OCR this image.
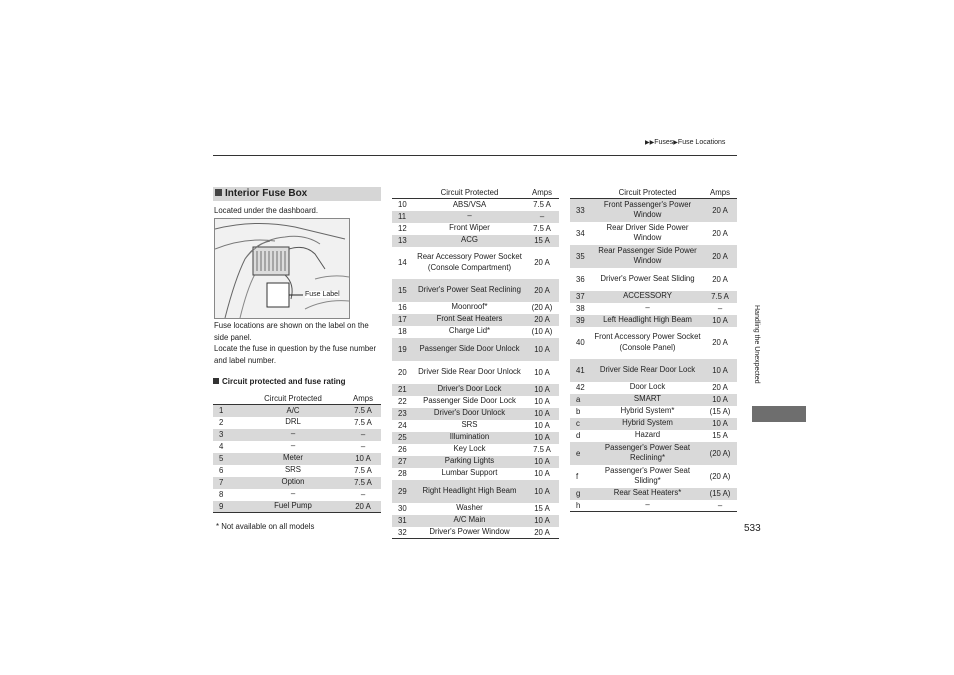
▶▶Fuses▶Fuse Locations
Handling the Unexpected
Interior Fuse Box
Located under the dashboard.
Fuse Label
Fuse locations are shown on the label on the side panel.
Locate the fuse in question by the fuse number and label number.
Circuit protected and fuse rating
	Circuit Protected	Amps
1	A/C	7.5 A
2	DRL	7.5 A
3	–	–
4	–	–
5	Meter	10 A
6	SRS	7.5 A
7	Option	7.5 A
8	–	–
9	Fuel Pump	20 A
	Circuit Protected	Amps
10	ABS/VSA	7.5 A
11	–	–
12	Front Wiper	7.5 A
13	ACG	15 A
14	Rear Accessory Power Socket (Console Compartment)	20 A
15	Driver's Power Seat Reclining	20 A
16	Moonroof*	(20 A)
17	Front Seat Heaters	20 A
18	Charge Lid*	(10 A)
19	Passenger Side Door Unlock	10 A
20	Driver Side Rear Door Unlock	10 A
21	Driver's Door Lock	10 A
22	Passenger Side Door Lock	10 A
23	Driver's Door Unlock	10 A
24	SRS	10 A
25	Illumination	10 A
26	Key Lock	7.5 A
27	Parking Lights	10 A
28	Lumbar Support	10 A
29	Right Headlight High Beam	10 A
30	Washer	15 A
31	A/C Main	10 A
32	Driver's Power Window	20 A
	Circuit Protected	Amps
33	Front Passenger's Power Window	20 A
34	Rear Driver Side Power Window	20 A
35	Rear Passenger Side Power Window	20 A
36	Driver's Power Seat Sliding	20 A
37	ACCESSORY	7.5 A
38	–	–
39	Left Headlight High Beam	10 A
40	Front Accessory Power Socket (Console Panel)	20 A
41	Driver Side Rear Door Lock	10 A
42	Door Lock	20 A
a	SMART	10 A
b	Hybrid System*	(15 A)
c	Hybrid System	10 A
d	Hazard	15 A
e	Passenger's Power Seat Reclining*	(20 A)
f	Passenger's Power Seat Sliding*	(20 A)
g	Rear Seat Heaters*	(15 A)
h	–	–
* Not available on all models	533
